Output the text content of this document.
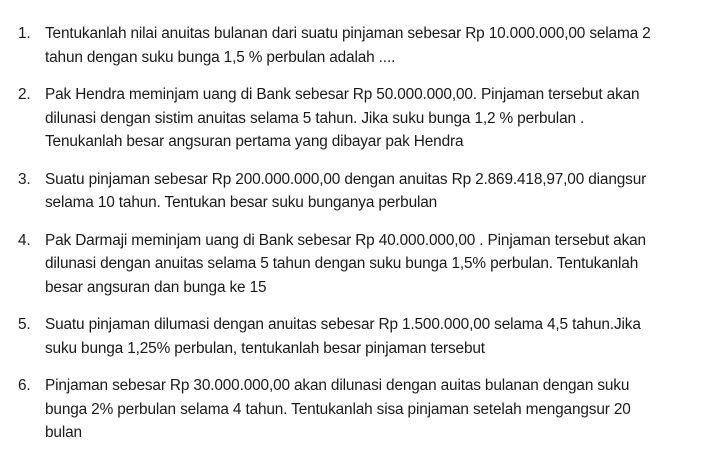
1. Tentukanlah nilai anuitas bulanan dari suatu pinjaman sebesar Rp 10.000.000,00 selama 2
tahun dengan suku bunga 1,5 % perbulan adalah ....
2. Pak Hendra meminjam uang di Bank sebesar Rp 50.000.000,00. Pinjaman tersebut akan
dilunasi dengan sistim anuitas selama 5 tahun. Jika suku bunga 1,2 % perbulan .
Tenukanlah besar angsuran pertama yang dibayar pak Hendra
3. Suatu pinjaman sebesar Rp 200.000.000,00 dengan anuitas Rp 2.869.418,97,00 diangsur
selama 10 tahun. Tentukan besar suku bunganya perbulan
4. Pak Darmaji meminjam uang di Bank sebesar Rp 40.000.000,00 . Pinjaman tersebut akan
dilunasi dengan anuitas selama 5 tahun dengan suku bunga 1,5% perbulan. Tentukanlah
besar angsuran dan bunga ke 15
5. Suatu pinjaman dilumasi dengan anuitas sebesar Rp 1.500.000,00 selama 4,5 tahun.Jika
suku bunga 1,25% perbulan, tentukanlah besar pinjaman tersebut
6. Pinjaman sebesar Rp 30.000.000,00 akan dilunasi dengan auitas bulanan dengan suku
bunga 2% perbulan selama 4 tahun. Tentukanlah sisa pinjaman setelah mengangsur 20
bulan
